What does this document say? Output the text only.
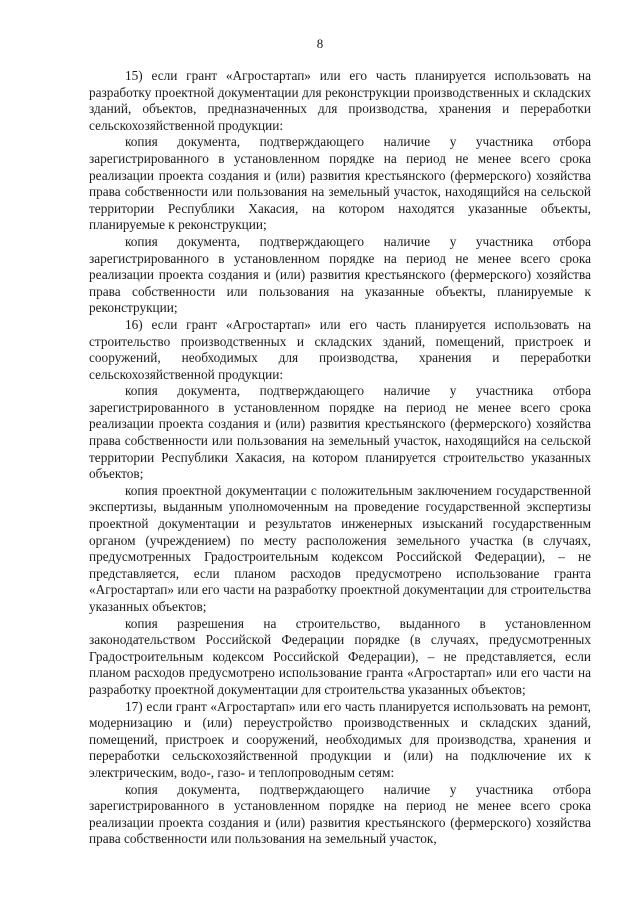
8

15) если грант «Агростартап» или его часть планируется использовать на разработку проектной документации для реконструкции производственных и складских зданий, объектов, предназначенных для производства, хранения и переработки сельскохозяйственной продукции:

копия документа, подтверждающего наличие у участника отбора зарегистрированного в установленном порядке на период не менее всего срока реализации проекта создания и (или) развития крестьянского (фермерского) хозяйства права собственности или пользования на земельный участок, находящийся на сельской территории Республики Хакасия, на котором находятся указанные объекты, планируемые к реконструкции;

копия документа, подтверждающего наличие у участника отбора зарегистрированного в установленном порядке на период не менее всего срока реализации проекта создания и (или) развития крестьянского (фермерского) хозяйства права собственности или пользования на указанные объекты, планируемые к реконструкции;

16) если грант «Агростартап» или его часть планируется использовать на строительство производственных и складских зданий, помещений, пристроек и сооружений, необходимых для производства, хранения и переработки сельскохозяйственной продукции:

копия документа, подтверждающего наличие у участника отбора зарегистрированного в установленном порядке на период не менее всего срока реализации проекта создания и (или) развития крестьянского (фермерского) хозяйства права собственности или пользования на земельный участок, находящийся на сельской территории Республики Хакасия, на котором планируется строительство указанных объектов;

копия проектной документации с положительным заключением государственной экспертизы, выданным уполномоченным на проведение государственной экспертизы проектной документации и результатов инженерных изысканий государственным органом (учреждением) по месту расположения земельного участка (в случаях, предусмотренных Градостроительным кодексом Российской Федерации), – не представляется, если планом расходов предусмотрено использование гранта «Агростартап» или его части на разработку проектной документации для строительства указанных объектов;

копия разрешения на строительство, выданного в установленном законодательством Российской Федерации порядке (в случаях, предусмотренных Градостроительным кодексом Российской Федерации), – не представляется, если планом расходов предусмотрено использование гранта «Агростартап» или его части на разработку проектной документации для строительства указанных объектов;

17) если грант «Агростартап» или его часть планируется использовать на ремонт, модернизацию и (или) переустройство производственных и складских зданий, помещений, пристроек и сооружений, необходимых для производства, хранения и переработки сельскохозяйственной продукции и (или) на подключение их к электрическим, водо-, газо- и теплопроводным сетям:

копия документа, подтверждающего наличие у участника отбора зарегистрированного в установленном порядке на период не менее всего срока реализации проекта создания и (или) развития крестьянского (фермерского) хозяйства права собственности или пользования на земельный участок,
